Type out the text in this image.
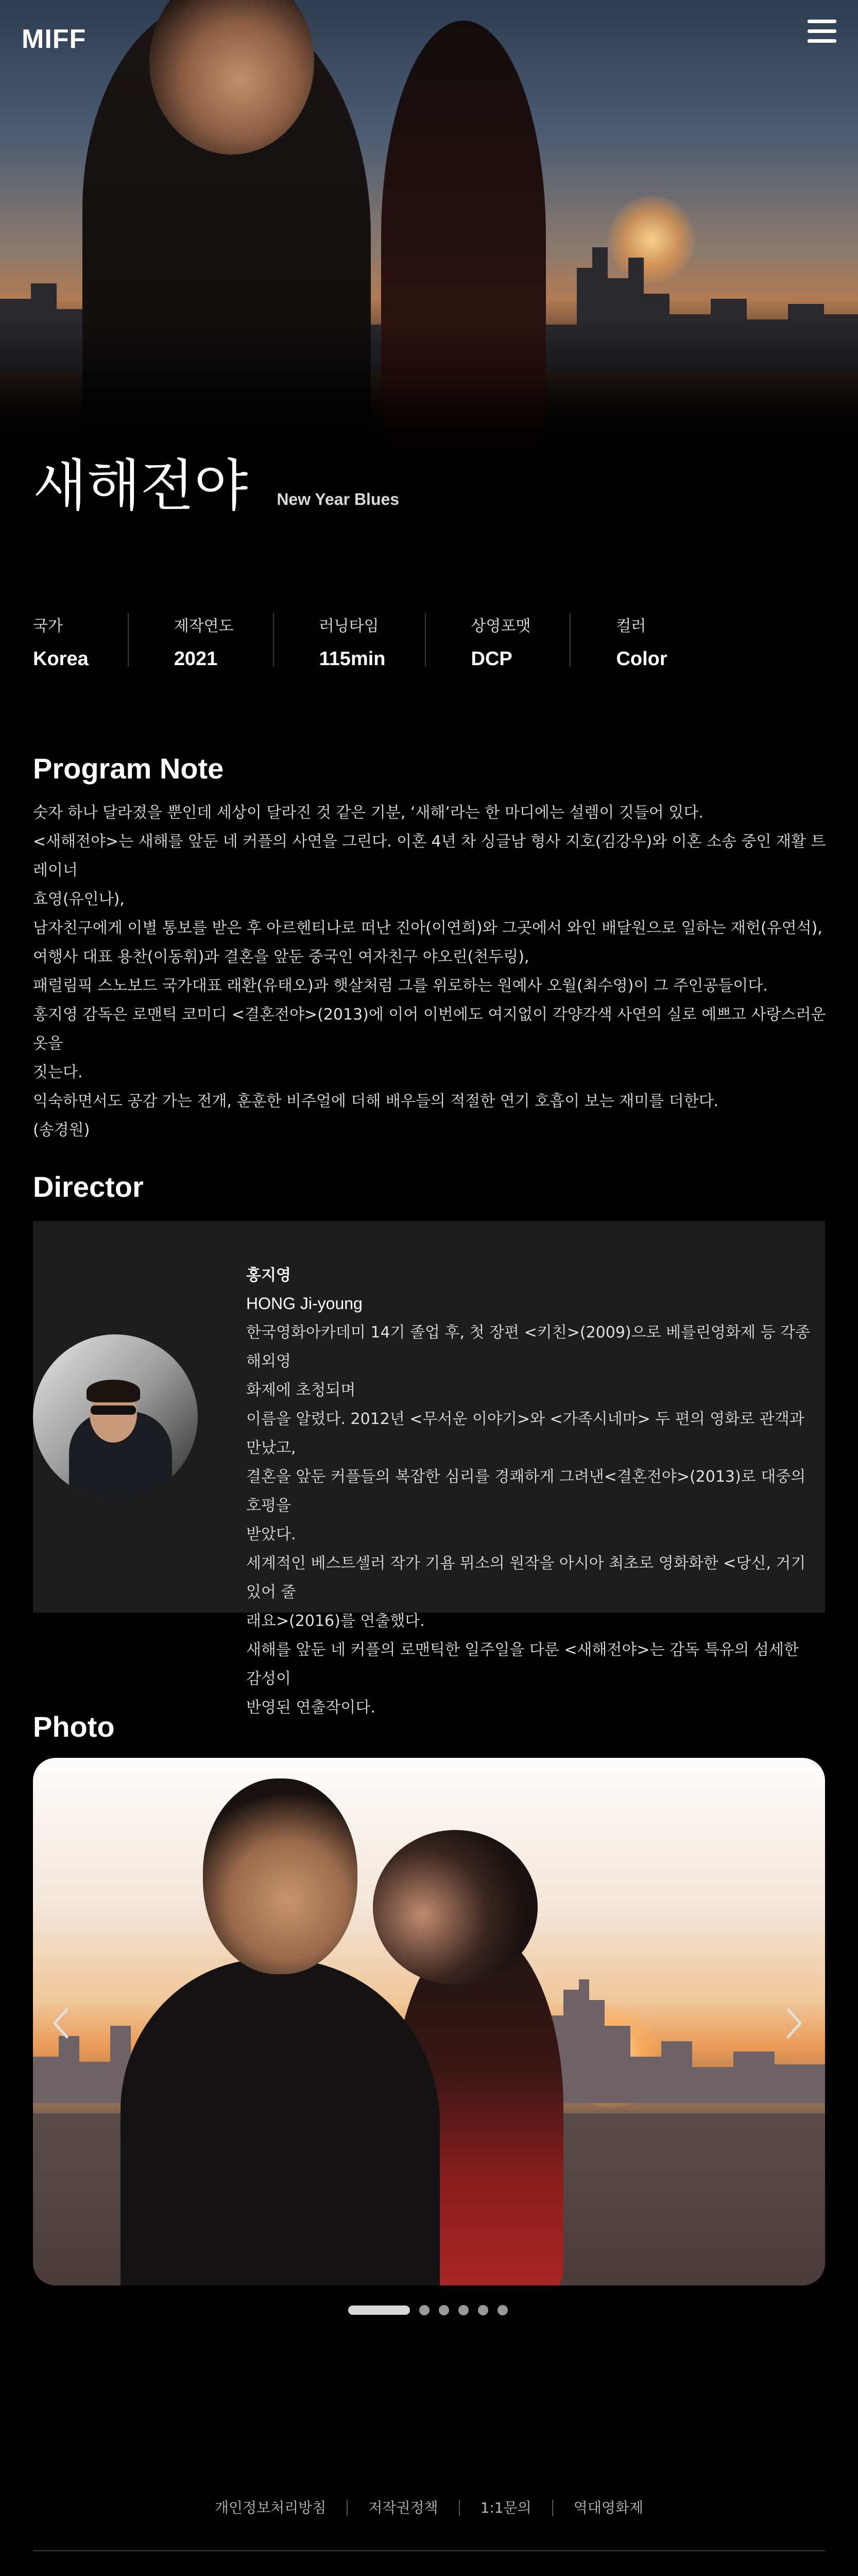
MIFF
새해전야 New Year Blues
국가
Korea
제작연도
2021
러닝타임
115min
상영포맷
DCP
컬러
Color
Program Note

숫자 하나 달라졌을 뿐인데 세상이 달라진 것 같은 기분, ‘새해’라는 한 마디에는 설렘이 깃들어 있다.

<새해전야>는 새해를 앞둔 네 커플의 사연을 그린다. 이혼 4년 차 싱글남 형사 지호(김강우)와 이혼 소송 중인 재활 트레이너

효영(유인나),

남자친구에게 이별 통보를 받은 후 아르헨티나로 떠난 진아(이연희)와 그곳에서 와인 배달원으로 일하는 재헌(유연석),

여행사 대표 용찬(이동휘)과 결혼을 앞둔 중국인 여자친구 야오린(천두링),

패럴림픽 스노보드 국가대표 래환(유태오)과 햇살처럼 그를 위로하는 원예사 오월(최수영)이 그 주인공들이다.

홍지영 감독은 로맨틱 코미디 <결혼전야>(2013)에 이어 이번에도 여지없이 각양각색 사연의 실로 예쁘고 사랑스러운 옷을

짓는다.

익숙하면서도 공감 가는 전개, 훈훈한 비주얼에 더해 배우들의 적절한 연기 호흡이 보는 재미를 더한다.

(송경원)

Director
홍지영
HONG Ji-young

한국영화아카데미 14기 졸업 후, 첫 장편 <키친>(2009)으로 베를린영화제 등 각종 해외영

화제에 초청되며

이름을 알렸다. 2012년 <무서운 이야기>와 <가족시네마> 두 편의 영화로 관객과 만났고,

결혼을 앞둔 커플들의 복잡한 심리를 경쾌하게 그려낸<결혼전야>(2013)로 대중의 호평을

받았다.

세계적인 베스트셀러 작가 기욤 뮈소의 원작을 아시아 최초로 영화화한 <당신, 거기 있어 줄

래요>(2016)를 연출했다.

새해를 앞둔 네 커플의 로맨틱한 일주일을 다룬 <새해전야>는 감독 특유의 섬세한 감성이

반영된 연출작이다.

Photo
개인정보처리방침	저작권정책	1:1문의	역대영화제
